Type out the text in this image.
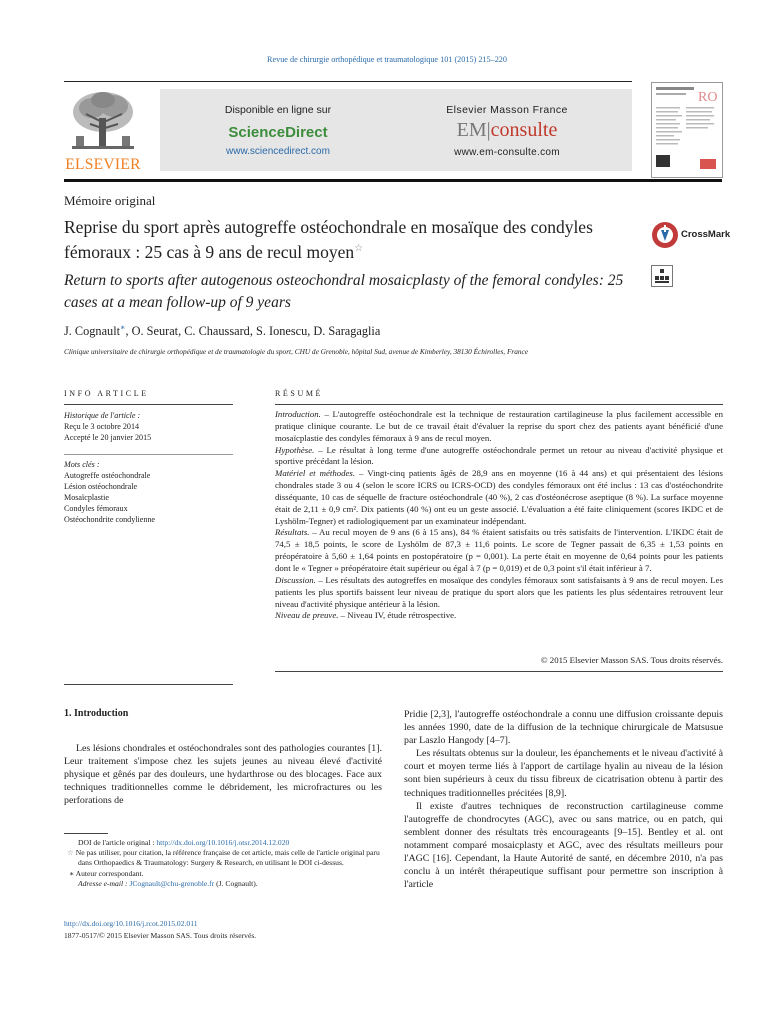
Revue de chirurgie orthopédique et traumatologique 101 (2015) 215–220
ELSEVIER
Disponible en ligne sur
ScienceDirect
www.sciencedirect.com
Elsevier Masson France
EM|consulte
www.em-consulte.com
RO
Mémoire original
Reprise du sport après autogreffe ostéochondrale en mosaïque des condyles fémoraux : 25 cas à 9 ans de recul moyen☆
CrossMark
Return to sports after autogenous osteochondral mosaicplasty of the femoral condyles: 25 cases at a mean follow-up of 9 years
J. Cognault∗, O. Seurat, C. Chaussard, S. Ionescu, D. Saragaglia
Clinique universitaire de chirurgie orthopédique et de traumatologie du sport, CHU de Grenoble, hôpital Sud, avenue de Kimberley, 38130 Échirolles, France
INFO ARTICLE
Historique de l'article :
Reçu le 3 octobre 2014
Accepté le 20 janvier 2015
Mots clés :
Autogreffe ostéochondrale
Lésion ostéochondrale
Mosaïcplastie
Condyles fémoraux
Ostéochondrite condylienne
RÉSUMÉ

Introduction. – L'autogreffe ostéochondrale est la technique de restauration cartilagineuse la plus facilement accessible en pratique clinique courante. Le but de ce travail était d'évaluer la reprise du sport chez des patients ayant bénéficié d'une mosaïcplastie des condyles fémoraux à 9 ans de recul moyen.

Hypothèse. – Le résultat à long terme d'une autogreffe ostéochondrale permet un retour au niveau d'activité physique et sportive précédant la lésion.

Matériel et méthodes. – Vingt-cinq patients âgés de 28,9 ans en moyenne (16 à 44 ans) et qui présentaient des lésions chondrales stade 3 ou 4 (selon le score ICRS ou ICRS-OCD) des condyles fémoraux ont été inclus : 13 cas d'ostéochondrite disséquante, 10 cas de séquelle de fracture ostéochondrale (40 %), 2 cas d'ostéonécrose aseptique (8 %). La surface moyenne était de 2,11 ± 0,9 cm². Dix patients (40 %) ont eu un geste associé. L'évaluation a été faite cliniquement (scores IKDC et de Lyshölm-Tegner) et radiologiquement par un examinateur indépendant.

Résultats. – Au recul moyen de 9 ans (6 à 15 ans), 84 % étaient satisfaits ou très satisfaits de l'intervention. L'IKDC était de 74,5 ± 18,5 points, le score de Lyshölm de 87,3 ± 11,6 points. Le score de Tegner passait de 6,35 ± 1,53 points en préopératoire à 5,60 ± 1,64 points en postopératoire (p = 0,001). La perte était en moyenne de 0,64 points pour les patients dont le « Tegner » préopératoire était supérieur ou égal à 7 (p = 0,019) et de 0,3 point s'il était inférieur à 7.

Discussion. – Les résultats des autogreffes en mosaïque des condyles fémoraux sont satisfaisants à 9 ans de recul moyen. Les patients les plus sportifs baissent leur niveau de pratique du sport alors que les patients les plus sédentaires retrouvent leur niveau d'activité physique antérieur à la lésion.

Niveau de preuve. – Niveau IV, étude rétrospective.

© 2015 Elsevier Masson SAS. Tous droits réservés.
1. Introduction

Les lésions chondrales et ostéochondrales sont des pathologies courantes [1]. Leur traitement s'impose chez les sujets jeunes au niveau élevé d'activité physique et gênés par des douleurs, une hydarthrose ou des blocages. Face aux techniques traditionnelles comme le débridement, les microfractures ou les perforations de

Pridie [2,3], l'autogreffe ostéochondrale a connu une diffusion croissante depuis les années 1990, date de la diffusion de la technique chirurgicale de Matsusue par Laszlo Hangody [4–7].

Les résultats obtenus sur la douleur, les épanchements et le niveau d'activité à court et moyen terme liés à l'apport de cartilage hyalin au niveau de la lésion sont bien supérieurs à ceux du tissu fibreux de cicatrisation obtenu à partir des techniques traditionnelles précitées [8,9].

Il existe d'autres techniques de reconstruction cartilagineuse comme l'autogreffe de chondrocytes (AGC), avec ou sans matrice, ou en patch, qui semblent donner des résultats très encourageants [9–15]. Bentley et al. ont notamment comparé mosaicplasty et AGC, avec des résultats meilleurs pour l'AGC [16]. Cependant, la Haute Autorité de santé, en décembre 2010, n'a pas conclu à un intérêt thérapeutique suffisant pour permettre son inscription à l'article

DOI de l'article original : http://dx.doi.org/10.1016/j.otsr.2014.12.020
☆ Ne pas utiliser, pour citation, la référence française de cet article, mais celle de l'article original paru dans Orthopaedics & Traumatology: Surgery & Research, en utilisant le DOI ci-dessus.
∗ Auteur correspondant.
Adresse e-mail : JCognault@chu-grenoble.fr (J. Cognault).
http://dx.doi.org/10.1016/j.rcot.2015.02.011
1877-0517/© 2015 Elsevier Masson SAS. Tous droits réservés.
